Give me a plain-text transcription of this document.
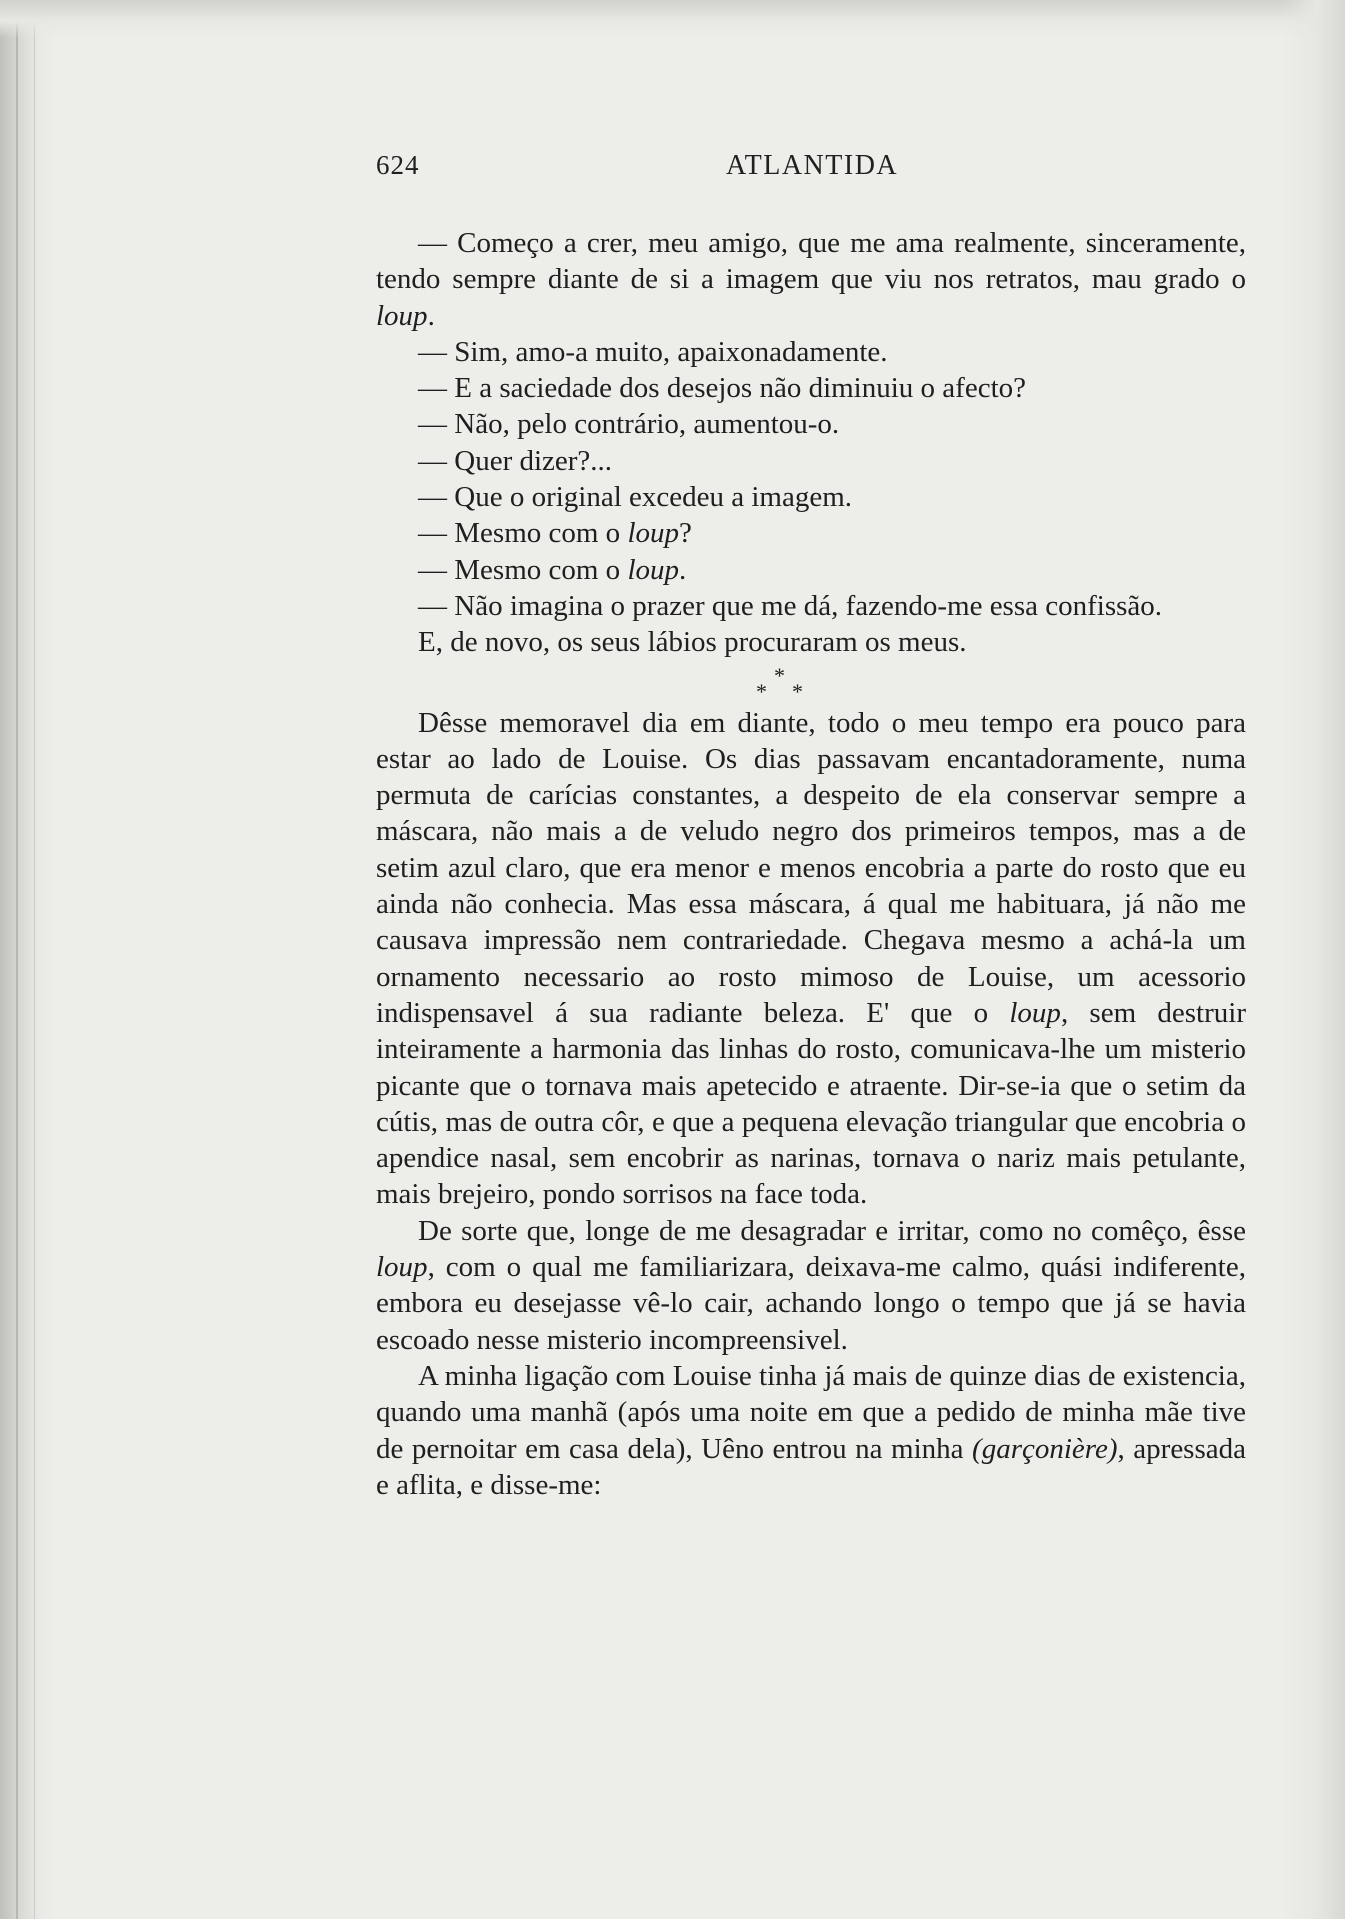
624	ATLANTIDA

— Começo a crer, meu amigo, que me ama realmente, sinceramente, tendo sempre diante de si a imagem que viu nos retratos, mau grado o loup.

— Sim, amo-a muito, apaixonadamente.

— E a saciedade dos desejos não diminuiu o afecto?

— Não, pelo contrário, aumentou-o.

— Quer dizer?...

— Que o original excedeu a imagem.

— Mesmo com o loup?

— Mesmo com o loup.

— Não imagina o prazer que me dá, fazendo-me essa confissão.

E, de novo, os seus lábios procuraram os meus.

*
* *

Dêsse memoravel dia em diante, todo o meu tempo era pouco para estar ao lado de Louise. Os dias passavam encantadoramente, numa permuta de carícias constantes, a despeito de ela conservar sempre a máscara, não mais a de veludo negro dos primeiros tempos, mas a de setim azul claro, que era menor e menos encobria a parte do rosto que eu ainda não conhecia. Mas essa máscara, á qual me habituara, já não me causava impressão nem contrariedade. Chegava mesmo a achá-la um ornamento necessario ao rosto mimoso de Louise, um acessorio indispensavel á sua radiante beleza. E' que o loup, sem destruir inteiramente a harmonia das linhas do rosto, comunicava-lhe um misterio picante que o tornava mais apetecido e atraente. Dir-se-ia que o setim da cútis, mas de outra côr, e que a pequena elevação triangular que encobria o apendice nasal, sem encobrir as narinas, tornava o nariz mais petulante, mais brejeiro, pondo sorrisos na face toda.

De sorte que, longe de me desagradar e irritar, como no comêço, êsse loup, com o qual me familiarizara, deixava-me calmo, quási indiferente, embora eu desejasse vê-lo cair, achando longo o tempo que já se havia escoado nesse misterio incompreensivel.

A minha ligação com Louise tinha já mais de quinze dias de existencia, quando uma manhã (após uma noite em que a pedido de minha mãe tive de pernoitar em casa dela), Uêno entrou na minha (garçonière), apressada e aflita, e disse-me:
